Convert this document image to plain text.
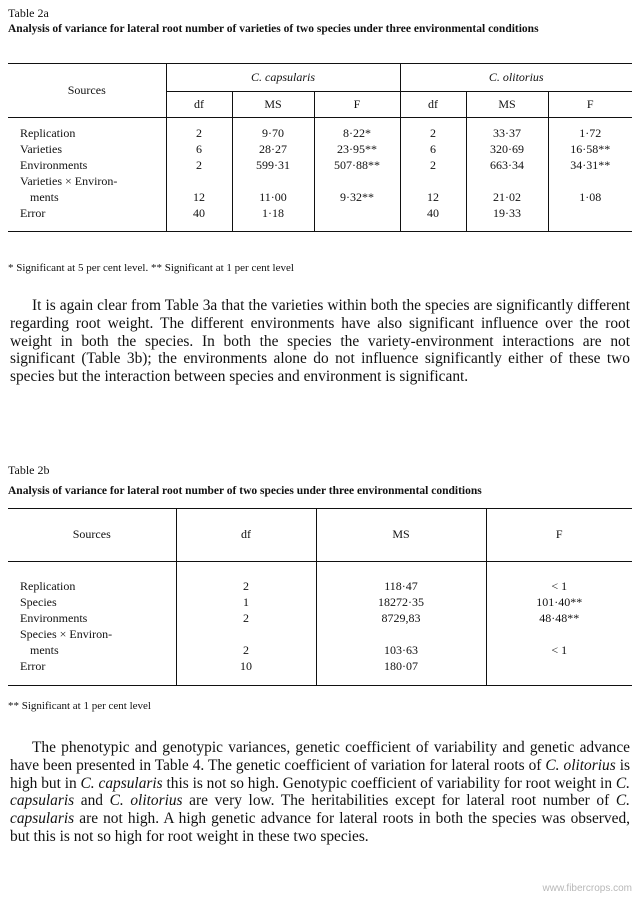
Table 2a
Analysis of variance for lateral root number of varieties of two species under three environmental conditions
Sources	C. capsularis			C. olitorius		
	df	MS	F	df	MS	F

Replication	2	9·70	8·22*	2	33·37	1·72
Varieties	6	28·27	23·95**	6	320·69	16·58**
Environments	2	599·31	507·88**	2	663·34	34·31**
Varieties × Environ-						
ments	12	11·00	9·32**	12	21·02	1·08
Error	40	1·18		40	19·33	

* Significant at 5 per cent level. ** Significant at 1 per cent level
It is again clear from Table 3a that the varieties within both the species are significantly different regarding root weight. The different environments have also significant influence over the root weight in both the species. In both the species the variety-environment interactions are not significant (Table 3b); the environments alone do not influence significantly either of these two species but the interaction between species and environment is significant.
Table 2b
Analysis of variance for lateral root number of two species under three environmental conditions
Sources	df	MS	F

Replication	2	118·47	< 1
Species	1	18272·35	101·40**
Environments	2	8729,83	48·48**
Species × Environ-			
ments	2	103·63	< 1
Error	10	180·07	

** Significant at 1 per cent level
The phenotypic and genotypic variances, genetic coefficient of variability and genetic advance have been presented in Table 4. The genetic coefficient of variation for lateral roots of C. olitorius is high but in C. capsularis this is not so high. Genotypic coefficient of variability for root weight in C. capsularis and C. olitorius are very low. The heritabilities except for lateral root number of C. capsularis are not high. A high genetic advance for lateral roots in both the species was observed, but this is not so high for root weight in these two species.
www.fibercrops.com
